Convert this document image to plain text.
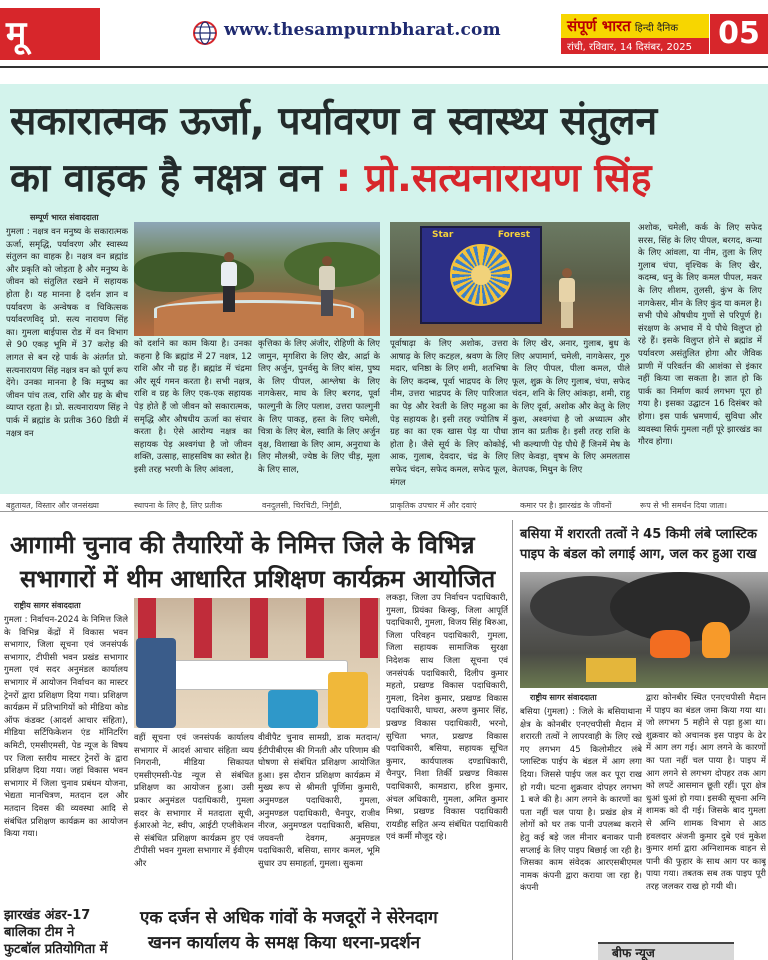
मू	www.thesampurnbharat.com	संपूर्ण भारत हिन्दी दैनिक
रांची, रविवार, 14 दिसंबर, 2025 05
सकारात्मक ऊर्जा, पर्यावरण व स्वास्थ्य संतुलन
का वाहक है नक्षत्र वन : प्रो.सत्यनारायण सिंह
सम्पूर्ण भारत संवाददाता
गुमला : नक्षत्र वन मनुष्य के सकारात्मक ऊर्जा, समृद्धि, पर्यावरण और स्वास्थ्य संतुलन का वाहक है। नक्षत्र वन ब्रह्मांड और प्रकृति को जोड़ता है और मनुष्य के जीवन को संतुलित रखने में सहायक होता है। यह मानना है दर्शन ज्ञान व पर्यावरण के अन्वेषक व चिकित्सक पर्यावरणविद् प्रो. सत्य नारायण सिंह का। गुमला बाईपास रोड में वन विभाग से 90 एकड़ भूमि में 37 करोड़ की लागत से बन रहे पार्क के अंतर्गत प्रो. सत्यनारायण सिंह नक्षत्र वन को पूर्ण रूप देंगे। उनका मानना है कि मनुष्य का जीवन पांच तत्व, राशि और ग्रह के बीच व्याप्त रहता है। प्रो. सत्यनारायण सिंह ने पार्क में ब्रह्मांड के प्रतीक 360 डिग्री में नक्षत्र वन
Star	Forest
को दर्शाने का काम किया है। उनका कहना है कि ब्रह्मांड में 27 नक्षत्र, 12 राशि और नौ ग्रह हैं। ब्रह्मांड में चंद्रमा और सूर्य गमन करता है। सभी नक्षत्र, राशि व ग्रह के लिए एक-एक सहायक पेड़ होते हैं जो जीवन को सकारात्मक, समृद्धि और औषधीय ऊर्जा का संचार करता है। ऐसे आरोग्य नक्षत्र का सहायक पेड़ अश्वगंधा है जो जीवन शक्ति, उत्साह, साहसविष का स्त्रोत है। इसी तरह भरणी के लिए आंवला,
कृत्तिका के लिए अंजीर, रोहिणी के लिए जामुन, मृगशिरा के लिए खैर, आर्द्रा के लिए अर्जुन, पुनर्वसु के लिए बांस, पुष्य के लिए पीपल, आश्लेषा के लिए नागकेसर, माघ के लिए बरगद, पूर्वा फाल्गुनी के लिए पलाश, उत्तरा फाल्गुनी के लिए पाकड़, हस्त के लिए चमेली, चित्रा के लिए बेल, स्वाति के लिए अर्जुन वृक्ष, विशाखा के लिए आम, अनुराधा के लिए मौलश्री, ज्येष्ठ के लिए चीड़, मूला के लिए साल,
पूर्वाषाढ़ा के लिए अशोक, उत्तरा आषाढ़ के लिए कटहल, श्रवण के लिए मदार, धनिष्ठा के लिए शमी, शतभिषा के लिए कदम्ब, पूर्वा भाद्रपद के लिए नीम, उत्तरा भाद्रपद के लिए पारिजात का पेड़ और रेवती के लिए महुआ का पेड़ सहायक है। इसी तरह ज्योतिष में ग्रह का का एक खास पेड़ या पौधा होता है। जैसे सूर्य के लिए कोकोई, आक, गुलाब, देवदार, चंद्र के लिए सफेद चंदन, सफेद कमल, सफेद फूल, मंगल
के लिए खैर, अनार, गुलाब, बुध के लिए अपामार्ग, चमेली, नागकेसर, गुरु के लिए पीपल, पीला कमल, पीले फूल, शुक्र के लिए गुलाब, चंपा, सफेद चंदन, शनि के लिए आंकड़ा, शमी, राहु के लिए दूर्वा, अशोक और केतु के लिए कुश, अश्वगंधा है जो अध्यात्म और ज्ञान का प्रतीक है। इसी तरह राशि के भी कल्याणी पेड़ पौधे हैं जिनमें मेष के लिए केवड़ा, वृषभ के लिए अमलतास केतपक, मिथुन के लिए
अशोक, चमेली, कर्क के लिए सफेद सरस, सिंह के लिए पीपल, बरगद, कन्या के लिए आंवला, या नीम, तुला के लिए गुलाब चंपा, वृश्चिक के लिए खैर, कदम्ब, धनु के लिए कमल पीपल, मकर के लिए शीशम, तुलसी, कुंभ के लिए नागकेसर, मीन के लिए कुंद या कमल है। सभी पौधे औषधीय गुणों से परिपूर्ण है। संरक्षण के अभाव में ये पौधे विलुप्त हो रहे हैं। इसके विलुप्त होने से ब्रह्मांड में पर्यावरण असंतुलित होगा और जैविक प्राणी में परिवर्तन की आशंका से इंकार नहीं किया जा सकता है। ज्ञात हो कि पार्क का निर्माण कार्य लगभग पूरा हो गया है। इसका उद्घाटन 16 दिसंबर को होगा। इस पार्क भ्रमणार्थ, सुविधा और व्यवस्था सिर्फ गुमला नहीं पूरे झारखंड का गौरव होगा।
बहुतायत, विस्तार और जनसंख्या	स्थापना के लिए है, लिए प्रतीक	वनदुलसी, चिरचिटी, निर्गुंडी,	प्राकृतिक उपचार में और दवाएं	कमार पर है। झारखंड के जीवनों	रूप से भी समर्थन दिया जाता।
आगामी चुनाव की तैयारियों के निमित्त जिले के विभिन्न
सभागारों में थीम आधारित प्रशिक्षण कार्यक्रम आयोजित
राष्ट्रीय सागर संवाददाता
गुमला : निर्वाचन-2024 के निमित्त जिले के विभिन्न केंद्रों में विकास भवन सभागार, जिला सूचना एवं जनसंपर्क सभागार, टीपीसी भवन प्रखंड सभागार गुमला एवं सदर अनुमंडल कार्यालय सभागार में आयोजन निर्वाचन का मास्टर ट्रेनरों द्वारा प्रशिक्षण दिया गया। प्रशिक्षण कार्यक्रम में प्रतिभागियों को मीडिया कोड ऑफ कंडक्ट (आदर्श आचार संहिता), मीडिया सर्टिफिकेशन एंड मॉनिटरिंग कमिटी, एमसीएमसी, पेड न्यूज के विषय पर जिला स्तरीय मास्टर ट्रेनरों के द्वारा प्रशिक्षण दिया गया। जहां विकास भवन सभागार में जिला चुनाव प्रबंधन योजना, भेद्यता मानचित्रण, मतदान दल और मतदान दिवस की व्यवस्था आदि से संबंधित प्रशिक्षण कार्यक्रम का आयोजन किया गया।
वहीं सूचना एवं जनसंपर्क कार्यालय सभागार में आदर्श आचार संहिता व्यय निगरानी, मीडिया सिकायत एमसीएमसी-पेड न्यूज से संबंधित प्रशिक्षण का आयोजन हुआ। उसी प्रकार अनुमंडल पदाधिकारी, गुमला सदर के सभागार में मतदाता सूची, ईआरओ नेट, स्वीप, आईटी एप्लीकेशन से संबंधित प्रशिक्षण कार्यक्रम हुए एवं टीपीसी भवन गुमला सभागार में ईवीएम और
वीवीपैट चुनाव सामग्री, डाक मतदान/ ईटीपीबीएस की गिनती और परिणाम की घोषणा से संबंधित प्रशिक्षण आयोजित हुआ। इस दौरान प्रशिक्षण कार्यक्रम में मुख्य रूप से श्रीमती पूर्णिमा कुमारी, अनुमण्डल पदाधिकारी, गुमला, अनुमण्डल पदाधिकारी, चैनपुर, राजीव नीरज, अनुमण्डल पदाधिकारी, बसिया, जयवन्ती देवगम, अनुमण्डल पदाधिकारी, बसिया, सागर कमल, भूमि सुधार उप समाहर्ता, गुमला। सुकमा
लकड़ा, जिला उप निर्वाचन पदाधिकारी, गुमला, प्रियंका किस्कु, जिला आपूर्ति पदाधिकारी, गुमला, विजय सिंह बिरुआ, जिला परिवहन पदाधिकारी, गुमला, जिला सहायक सामाजिक सुरक्षा निदेशक साथ जिला सूचना एवं जनसंपर्क पदाधिकारी, दिलीप कुमार महतो, प्रखण्ड विकास पदाधिकारी, गुमला, दिनेश कुमार, प्रखण्ड विकास पदाधिकारी, घाघरा, अरुण कुमार सिंह, प्रखण्ड विकास पदाधिकारी, भरनो, सुचिता भगत, प्रखण्ड विकास पदाधिकारी, बसिया, सहायक सूचित कुमार, कार्यपालक दण्डाधिकारी, चैनपुर, निशा तिर्की प्रखण्ड विकास पदाधिकारी, कामडारा, हरिश कुमार, अंचल अधिकारी, गुमला, अमित कुमार मिश्रा, प्रखण्ड विकास पदाधिकारी रायडीह सहित अन्य संबंधित पदाधिकारी एवं कर्मी मौजूद रहे।
एक दर्जन से अधिक गांवों के मजदूरों ने सेरेनदाग
खनन कार्यालय के समक्ष किया धरना-प्रदर्शन
झारखंड अंडर-17
बालिका टीम ने
फुटबॉल प्रतियोगिता में
बसिया में शरारती तत्वों ने 45 किमी लंबे प्लास्टिक
पाइप के बंडल को लगाई आग, जल कर हुआ राख
राष्ट्रीय सागर संवाददाता
बसिया (गुमला) : जिले के बसियाथाना क्षेत्र के कोनबीर एनएचपीसी मैदान में शरारती तत्वों ने लापरवाही के लिए रखे गए लगभग 45 किलोमीटर लंबे प्लास्टिक पाईप के बंडल में आग लगा दिया। जिससे पाईप जल कर पूरा राख हो गयी। घटना शुक्रवार दोपहर लगभग 1 बजे की है। आग लगने के कारणों का पता नहीं चल पाया है। प्रखंड क्षेत्र में लोगों को घर तक पानी उपलब्ध कराने हेतु कई बड़े जल मीनार बनाकर पानी सप्लाई के लिए पाइप बिछाई जा रही है। जिसका काम संवेदक आरएसबीएमल नामक कंपनी द्वारा कराया जा रहा है। कंपनी
द्वारा कोनबीर स्थित एनएचपीसी मैदान में पाइप का बंडल जमा किया गया था। जो लगभग 5 महीने से पड़ा हुआ था। शुक्रवार को अचानक इस पाइप के ढेर में आग लग गई। आग लगने के कारणों का पता नहीं चल पाया है। पाइप में आग लगने से लगभग दोपहर तक आग को लपटें आसमान छूती रहीं। पूरा क्षेत्र धुआं धुआं हो गया। इसकी सूचना अग्नि शामक को दी गई। जिसके बाद गुमला से अग्नि शामक विभाग से आठ हवलदार अंजनी कुमार दुबे एवं मुकेश कुमार शर्मा द्वारा अग्निशामक वाहन से पानी की फुहार के साथ आग पर काबू पाया गया। तबतक सब तक पाइप पूरी तरह जलकर राख हो गयी थी।
बीफ न्यूज
